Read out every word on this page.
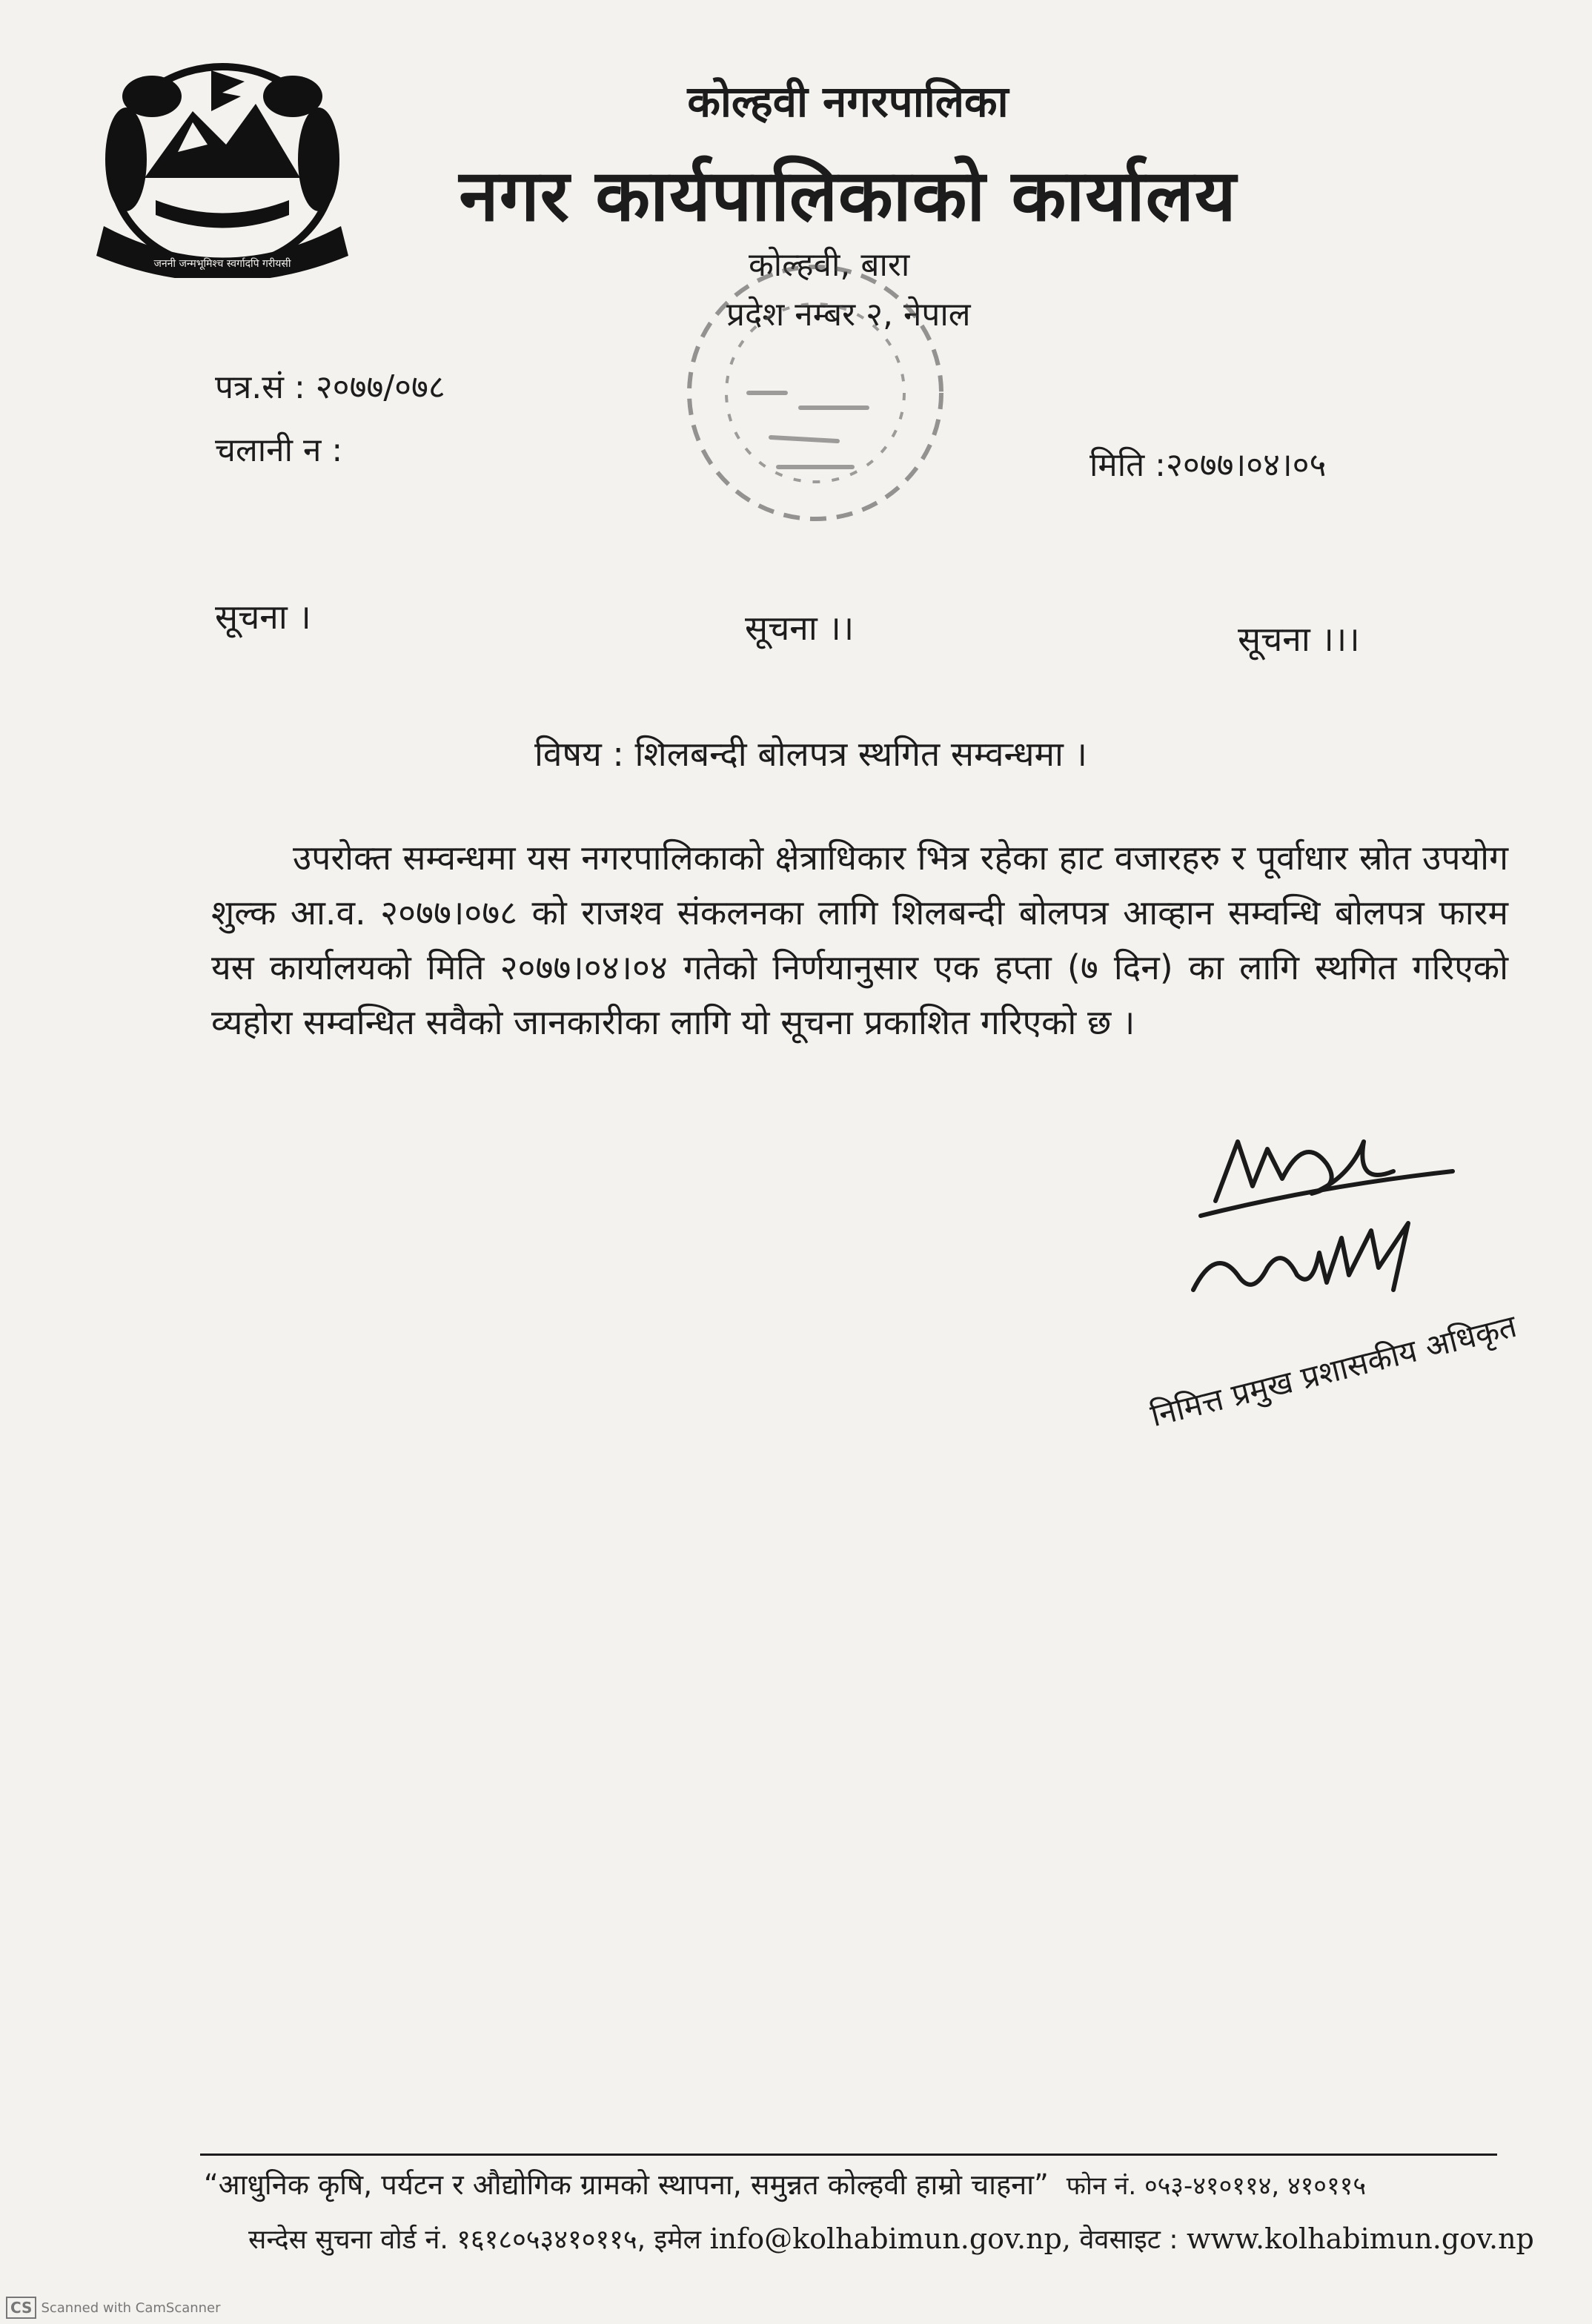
जननी जन्मभूमिश्च स्वर्गादपि गरीयसी
कोल्हवी नगरपालिका
नगर कार्यपालिकाको कार्यालय
कोल्हवी, बारा
प्रदेश नम्बर २, नेपाल
पत्र.सं : २०७७/०७८
चलानी न :	मिति :२०७७।०४।०५
सूचना ।	सूचना ।।	सूचना ।।।
विषय : शिलबन्दी बोलपत्र स्थगित सम्वन्धमा ।
उपरोक्त सम्वन्धमा यस नगरपालिकाको क्षेत्राधिकार भित्र रहेका हाट वजारहरु र पूर्वाधार स्रोत उपयोग शुल्क आ.व. २०७७।०७८ को राजश्व संकलनका लागि शिलबन्दी बोलपत्र आव्हान सम्वन्धि बोलपत्र फारम यस कार्यालयको मिति २०७७।०४।०४ गतेको निर्णयानुसार एक हप्ता (७ दिन) का लागि स्थगित गरिएको व्यहोरा सम्वन्धित सवैको जानकारीका लागि यो सूचना प्रकाशित गरिएको छ ।
निमित्त प्रमुख प्रशासकीय अधिकृत
“आधुनिक कृषि, पर्यटन र औद्योगिक ग्रामको स्थापना, समुन्नत कोल्हवी हाम्रो चाहना” फोन नं. ०५३-४१०११४, ४१०११५
सन्देस सुचना वोर्ड नं. १६१८०५३४१०११५, इमेल info@kolhabimun.gov.np, वेवसाइट : www.kolhabimun.gov.np
CS Scanned with CamScanner
